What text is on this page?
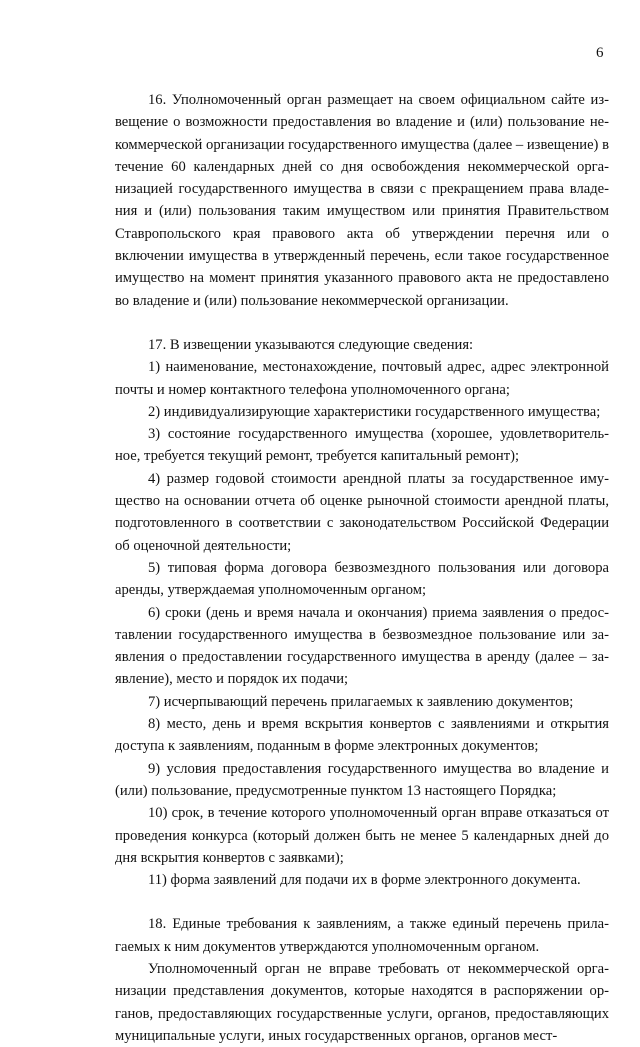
6

16. Уполномоченный орган размещает на своем официальном сайте извещение о возможности предоставления во владение и (или) пользование некоммерческой организации государственного имущества (далее – извещение) в течение 60 календарных дней со дня освобождения некоммерческой организацией государственного имущества в связи с прекращением права владения и (или) пользования таким имуществом или принятия Правительством Ставропольского края правового акта об утверждении перечня или о включении имущества в утвержденный перечень, если такое государственное имущество на момент принятия указанного правового акта не предоставлено во владение и (или) пользование некоммерческой организации.

17. В извещении указываются следующие сведения:

1) наименование, местонахождение, почтовый адрес, адрес электронной почты и номер контактного телефона уполномоченного органа;

2) индивидуализирующие характеристики государственного имущества;

3) состояние государственного имущества (хорошее, удовлетворительное, требуется текущий ремонт, требуется капитальный ремонт);

4) размер годовой стоимости арендной платы за государственное имущество на основании отчета об оценке рыночной стоимости арендной платы, подготовленного в соответствии с законодательством Российской Федерации об оценочной деятельности;

5) типовая форма договора безвозмездного пользования или договора аренды, утверждаемая уполномоченным органом;

6) сроки (день и время начала и окончания) приема заявления о предоставлении государственного имущества в безвозмездное пользование или заявления о предоставлении государственного имущества в аренду (далее – заявление), место и порядок их подачи;

7) исчерпывающий перечень прилагаемых к заявлению документов;

8) место, день и время вскрытия конвертов с заявлениями и открытия доступа к заявлениям, поданным в форме электронных документов;

9) условия предоставления государственного имущества во владение и (или) пользование, предусмотренные пунктом 13 настоящего Порядка;

10) срок, в течение которого уполномоченный орган вправе отказаться от проведения конкурса (который должен быть не менее 5 календарных дней до дня вскрытия конвертов с заявками);

11) форма заявлений для подачи их в форме электронного документа.

18. Единые требования к заявлениям, а также единый перечень прилагаемых к ним документов утверждаются уполномоченным органом.

Уполномоченный орган не вправе требовать от некоммерческой организации представления документов, которые находятся в распоряжении органов, предоставляющих государственные услуги, органов, предоставляющих муниципальные услуги, иных государственных органов, органов мест-
